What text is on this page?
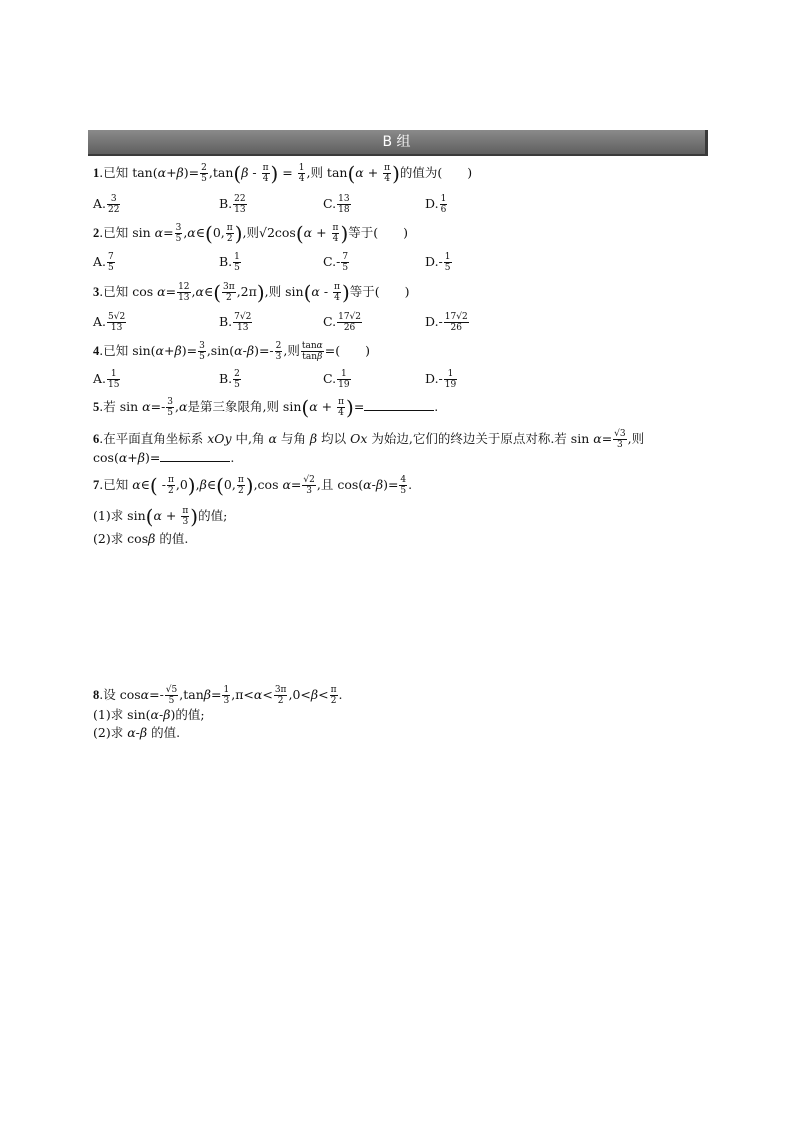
B 组
1.已知 $\tan(\alpha+\beta)= \frac{2}{5} ,\tan(\beta - \frac{\pi}{4}$ ) = $\frac{1}{4}$ ,则 $\tan(\alpha + \frac{\pi}{4}$ )的值为(　　)
A. $\frac{3}{22}$	B. $\frac{22}{13}$	C. $\frac{13}{18}$	D. $\frac{1}{6}$
2.已知 $\sin \alpha= \frac{3}{5}$ ,α∈(0, $\frac{\pi}{2}$ ),则$√2\cos(\alpha + \frac{\pi}{4}$ )等于(　　)
A. $\frac{7}{5}$	B. $\frac{1}{5}$	$C.- \frac{7}{5}$	$D.- \frac{1}{5}$
3.已知 $\cos \alpha= \frac{12}{13}$ ,α∈( $\frac{3\pi}{2} ,2\pi$),则 $\sin(\alpha - \frac{\pi}{4}$ )等于(　　)
A. $\frac{5√2}{13}$	B. $\frac{7√2}{13}$	C. $\frac{17√2}{26}$	$D.- \frac{17√2}{26}$
4.已知 $\sin(\alpha+\beta)= \frac{3}{5} ,\sin(\alpha-\beta)=- \frac{2}{3}$ ,则 $\frac{\tan\alpha}{\tan\beta}$ =(　　)
A. $\frac{1}{15}$	B. $\frac{2}{5}$	C. $\frac{1}{19}$	$D.- \frac{1}{19}$
5.若 $\sin \alpha=- \frac{3}{5} ,\alpha$是第三象限角,则 $\sin(\alpha + \frac{\pi}{4}$ )=	.
6.在平面直角坐标系 xOy 中,角 α 与角 β 均以 Ox 为始边,它们的终边关于原点对称.若 $\sin \alpha= \frac{√3}{3}$ ,则
cos(α+β)=	.
7.已知 α∈( - $\frac{\pi}{2}$ ,0),β∈(0, $\frac{\pi}{2} ),\cos$ $\alpha= \frac{√2}{3}$ ,且 $\cos(\alpha-\beta)= \frac{4}{5}$ .
(1)求 $\sin(\alpha + \frac{\pi}{3}$ )的值;
(2)求 cosβ 的值.
8.设 $\cos\alpha=- \frac{√5}{5} ,\tan\beta= \frac{1}{3} ,\pi<\alpha< \frac{3\pi}{2} ,0<\beta< \frac{\pi}{2}$ .
(1)求 sin(α-β)的值;
(2)求 α-β 的值.
